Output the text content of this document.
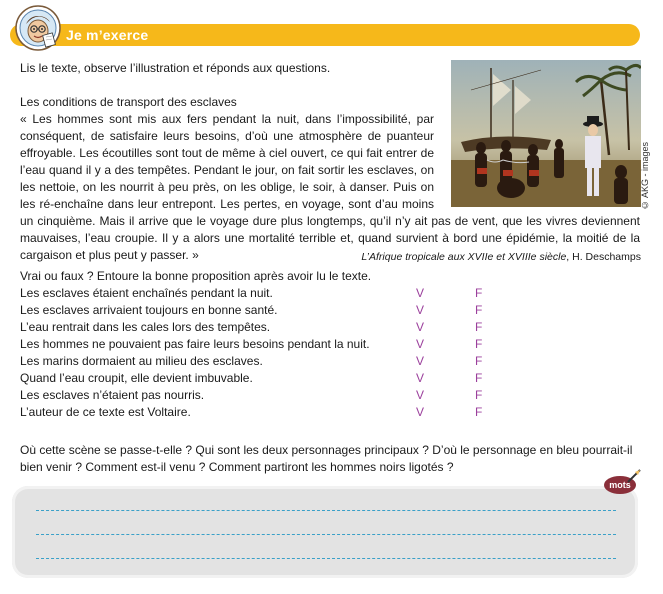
Je m’exerce
Lis le texte, observe l’illustration et réponds aux questions.
Les conditions de transport des esclaves

« Les hommes sont mis aux fers pendant la nuit, dans l’impossibilité, par conséquent, de satisfaire leurs besoins, d’où une atmosphère de puanteur effroyable. Les écoutilles sont tout de même à ciel ouvert, ce qui fait entrer de l’eau quand il y a des tempêtes. Pendant le jour, on fait sortir les esclaves, on les nettoie, on les nourrit à peu près, on les oblige, le soir, à danser. Puis on les ré-enchaîne dans leur entrepont. Les pertes, en voyage, sont d’au moins un cinquième. Mais il arrive que le voyage dure plus longtemps, qu’il n’y ait pas de vent, que les vivres deviennent mauvaises, l’eau croupie. Il y a alors une mortalité terrible et, quand survient à bord une épidémie, la moitié de la cargaison et plus peut y passer. »

© AKG - images
L’Afrique tropicale aux XVIIe et XVIIIe siècle, H. Deschamps
Vrai ou faux ? Entoure la bonne proposition après avoir lu le texte.
Les esclaves étaient enchaînés pendant la nuit.	V	F
Les esclaves arrivaient toujours en bonne santé.	V	F
L’eau rentrait dans les cales lors des tempêtes.	V	F
Les hommes ne pouvaient pas faire leurs besoins pendant la nuit.	V	F
Les marins dormaient au milieu des esclaves.	V	F
Quand l’eau croupit, elle devient imbuvable.	V	F
Les esclaves n’étaient pas nourris.	V	F
L’auteur de ce texte est Voltaire.	V	F

Où cette scène se passe-t-elle ? Qui sont les deux personnages principaux ? D’où le personnage en bleu pourrait-il bien venir ? Comment est-il venu ? Comment partiront les hommes noirs ligotés ?

mots
